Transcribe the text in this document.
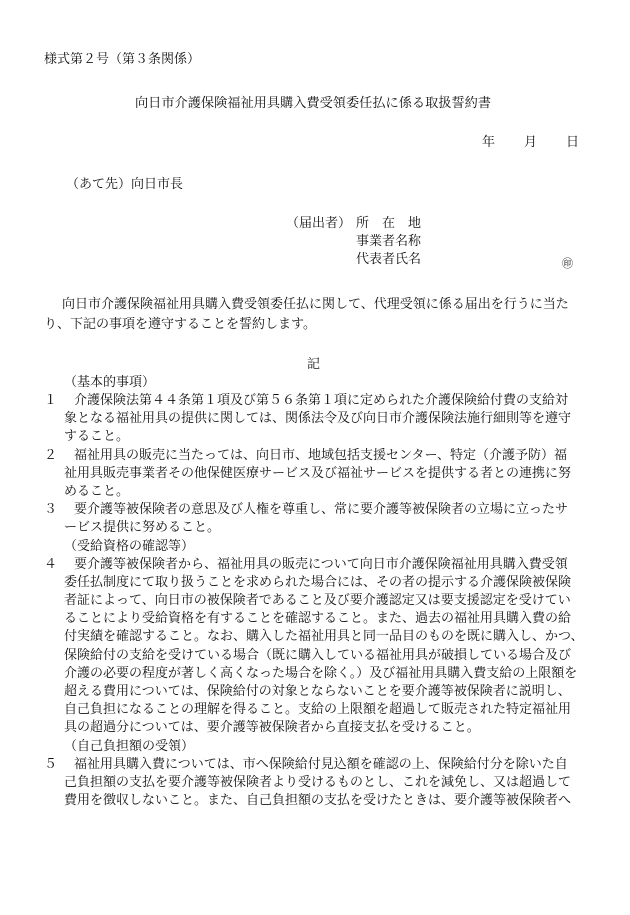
様式第２号（第３条関係）
向日市介護保険福祉用具購入費受領委任払に係る取扱誓約書
年 月 日
（あて先）向日市長
（届出者） 所　在　地
事業者名称
代表者氏名	㊞
向日市介護保険福祉用具購入費受領委任払に関して、代理受領に係る届出を行うに当たり、下記の事項を遵守することを誓約します。
記
（基本的事項）
１	介護保険法第４４条第１項及び第５６条第１項に定められた介護保険給付費の支給対
象となる福祉用具の提供に関しては、関係法令及び向日市介護保険法施行細則等を遵守
すること。
２	福祉用具の販売に当たっては、向日市、地域包括支援センター、特定（介護予防）福
祉用具販売事業者その他保健医療サービス及び福祉サービスを提供する者との連携に努
めること。
３	要介護等被保険者の意思及び人権を尊重し、常に要介護等被保険者の立場に立ったサ
ービス提供に努めること。
（受給資格の確認等）
４	要介護等被保険者から、福祉用具の販売について向日市介護保険福祉用具購入費受領
委任払制度にて取り扱うことを求められた場合には、その者の提示する介護保険被保険
者証によって、向日市の被保険者であること及び要介護認定又は要支援認定を受けてい
ることにより受給資格を有することを確認すること。また、過去の福祉用具購入費の給
付実績を確認すること。なお、購入した福祉用具と同一品目のものを既に購入し、かつ、
保険給付の支給を受けている場合（既に購入している福祉用具が破損している場合及び
介護の必要の程度が著しく高くなった場合を除く。）及び福祉用具購入費支給の上限額を
超える費用については、保険給付の対象とならないことを要介護等被保険者に説明し、
自己負担になることの理解を得ること。支給の上限額を超過して販売された特定福祉用
具の超過分については、要介護等被保険者から直接支払を受けること。
（自己負担額の受領）
５	福祉用具購入費については、市へ保険給付見込額を確認の上、保険給付分を除いた自
己負担額の支払を要介護等被保険者より受けるものとし、これを減免し、又は超過して
費用を徴収しないこと。また、自己負担額の支払を受けたときは、要介護等被保険者へ
